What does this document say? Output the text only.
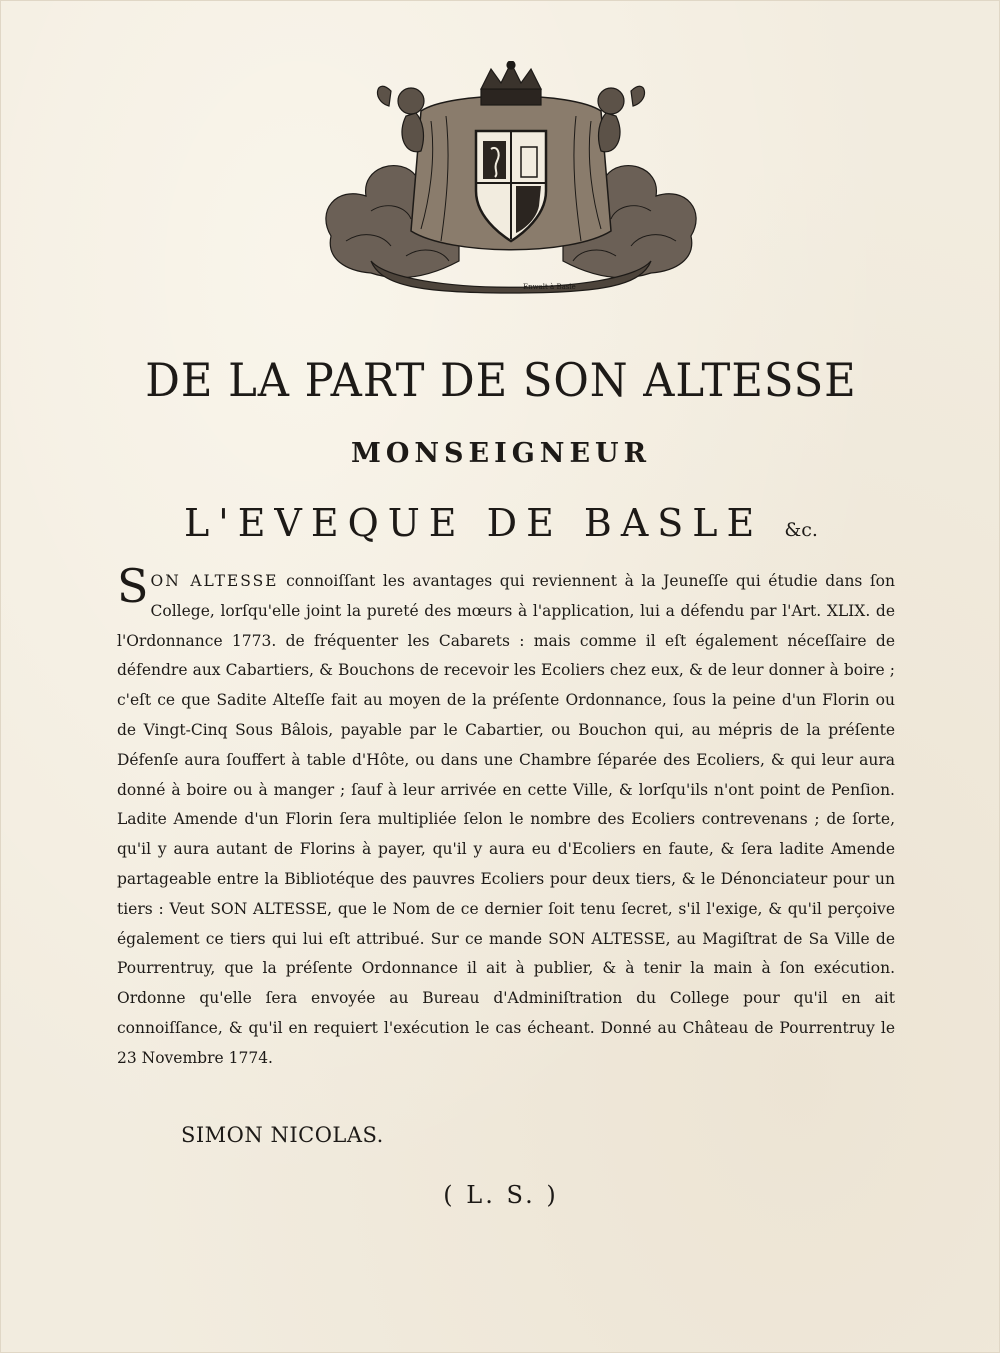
Enwalt à Basle
DE LA PART DE SON ALTESSE
MONSEIGNEUR
L'EVEQUE DE BASLE &c.

SON ALTESSE connoiſſant les avantages qui reviennent à la Jeuneſſe qui étudie dans ſon College, lorſqu'elle joint la pureté des mœurs à l'application, lui a défendu par l'Art. XLIX. de l'Ordonnance 1773. de fréquenter les Cabarets : mais comme il eſt également néceſſaire de défendre aux Cabartiers, & Bouchons de recevoir les Ecoliers chez eux, & de leur donner à boire ; c'eſt ce que Sadite Alteſſe fait au moyen de la préſente Ordonnance, ſous la peine d'un Florin ou de Vingt-Cinq Sous Bâlois, payable par le Cabartier, ou Bouchon qui, au mépris de la préſente Défenſe aura ſouffert à table d'Hôte, ou dans une Chambre ſéparée des Ecoliers, & qui leur aura donné à boire ou à manger ; ſauf à leur arrivée en cette Ville, & lorſqu'ils n'ont point de Penſion. Ladite Amende d'un Florin ſera multipliée ſelon le nombre des Ecoliers contrevenans ; de ſorte, qu'il y aura autant de Florins à payer, qu'il y aura eu d'Ecoliers en faute, & ſera ladite Amende partageable entre la Bibliotéque des pauvres Ecoliers pour deux tiers, & le Dénonciateur pour un tiers : Veut SON ALTESSE, que le Nom de ce dernier ſoit tenu ſecret, s'il l'exige, & qu'il perçoive également ce tiers qui lui eſt attribué. Sur ce mande SON ALTESSE, au Magiſtrat de Sa Ville de Pourrentruy, que la préſente Ordonnance il ait à publier, & à tenir la main à ſon exécution. Ordonne qu'elle ſera envoyée au Bureau d'Adminiſtration du College pour qu'il en ait connoiſſance, & qu'il en requiert l'exécution le cas écheant. Donné au Château de Pourrentruy le 23 Novembre 1774.

SIMON NICOLAS.

( L. S. )
